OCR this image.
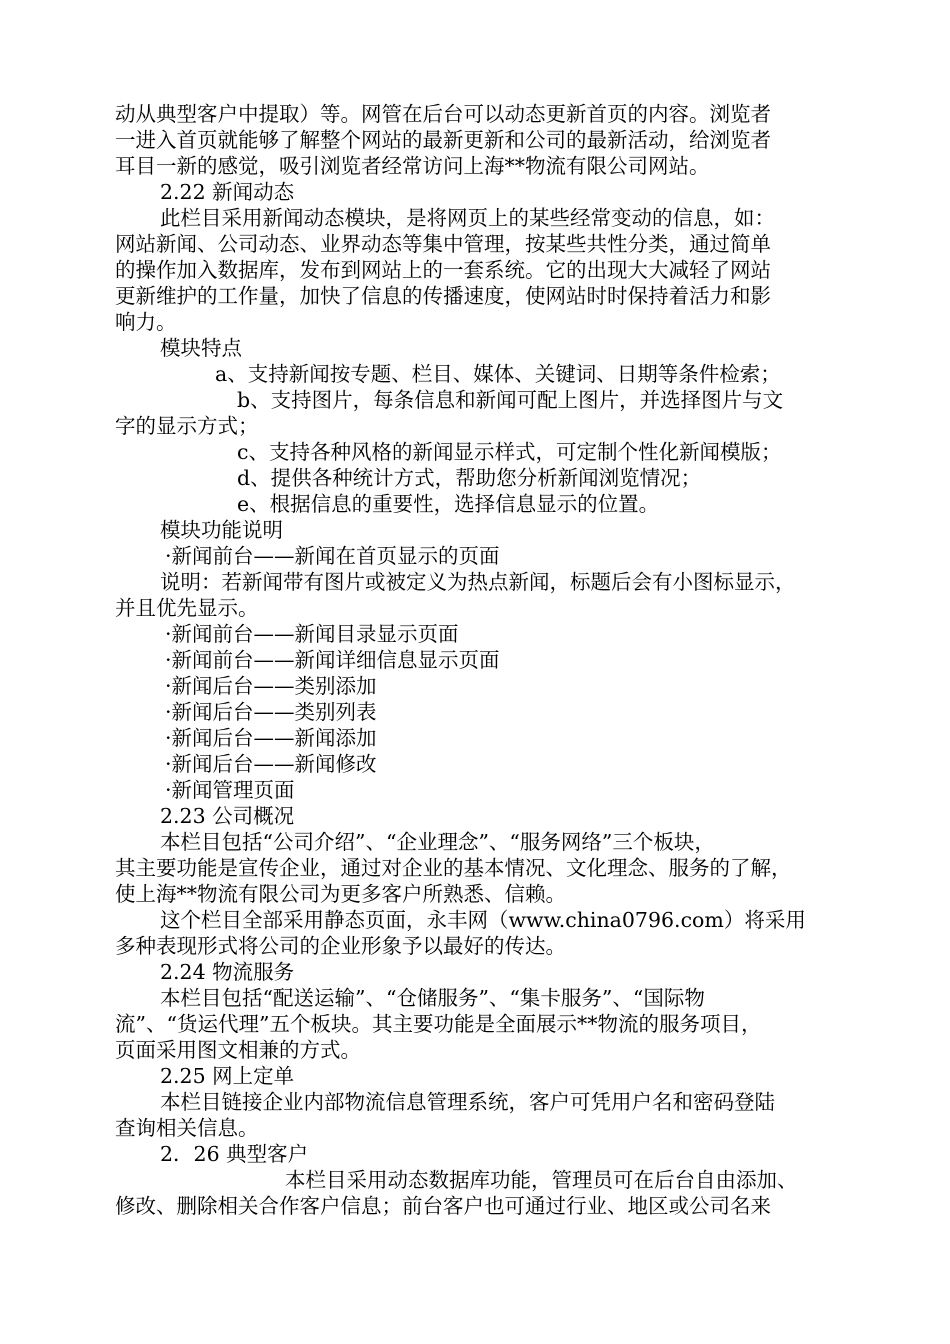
动从典型客户中提取）等。网管在后台可以动态更新首页的内容。浏览者
一进入首页就能够了解整个网站的最新更新和公司的最新活动，给浏览者
耳目一新的感觉，吸引浏览者经常访问上海**物流有限公司网站。
2.22 新闻动态
此栏目采用新闻动态模块，是将网页上的某些经常变动的信息，如：
网站新闻、公司动态、业界动态等集中管理，按某些共性分类，通过简单
的操作加入数据库，发布到网站上的一套系统。它的出现大大减轻了网站
更新维护的工作量，加快了信息的传播速度，使网站时时保持着活力和影
响力。
模块特点
a、支持新闻按专题、栏目、媒体、关键词、日期等条件检索；
b、支持图片，每条信息和新闻可配上图片，并选择图片与文
字的显示方式；
c、支持各种风格的新闻显示样式，可定制个性化新闻模版；
d、提供各种统计方式，帮助您分析新闻浏览情况；
e、根据信息的重要性，选择信息显示的位置。
模块功能说明
·新闻前台——新闻在首页显示的页面
说明：若新闻带有图片或被定义为热点新闻，标题后会有小图标显示，
并且优先显示。
·新闻前台——新闻目录显示页面
·新闻前台——新闻详细信息显示页面
·新闻后台——类别添加
·新闻后台——类别列表
·新闻后台——新闻添加
·新闻后台——新闻修改
·新闻管理页面
2.23 公司概况
本栏目包括“公司介绍”、“企业理念”、“服务网络”三个板块，
其主要功能是宣传企业，通过对企业的基本情况、文化理念、服务的了解，
使上海**物流有限公司为更多客户所熟悉、信赖。
这个栏目全部采用静态页面，永丰网（www.china0796.com）将采用
多种表现形式将公司的企业形象予以最好的传达。
2.24 物流服务
本栏目包括“配送运输”、“仓储服务”、“集卡服务”、“国际物
流”、“货运代理”五个板块。其主要功能是全面展示**物流的服务项目，
页面采用图文相兼的方式。
2.25 网上定单
本栏目链接企业内部物流信息管理系统，客户可凭用户名和密码登陆
查询相关信息。
2．26 典型客户
本栏目采用动态数据库功能，管理员可在后台自由添加、
修改、删除相关合作客户信息；前台客户也可通过行业、地区或公司名来
